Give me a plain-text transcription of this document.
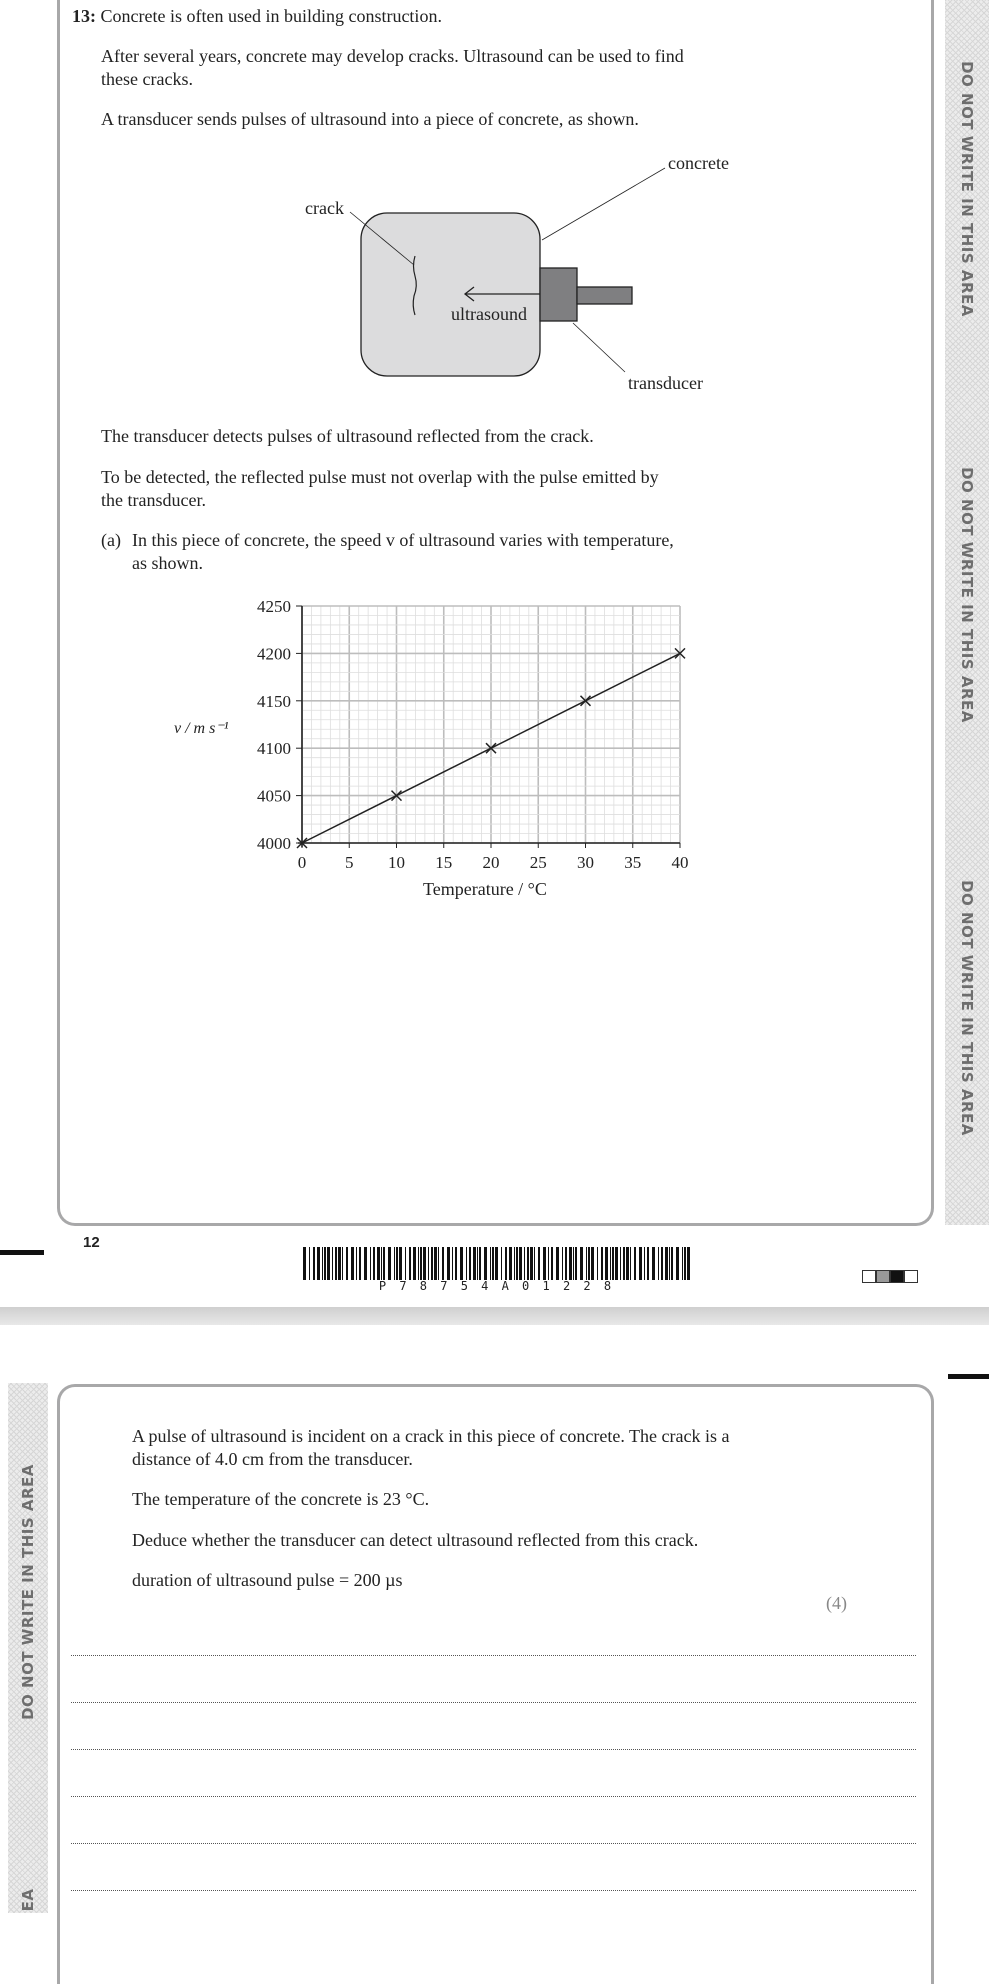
DO NOT WRITE IN THIS AREA
DO NOT WRITE IN THIS AREA
DO NOT WRITE IN THIS AREA
13: Concrete is often used in building construction.
After several years, concrete may develop cracks. Ultrasound can be used to find
these cracks.
A transducer sends pulses of ultrasound into a piece of concrete, as shown.
crack
concrete
ultrasound
transducer
The transducer detects pulses of ultrasound reflected from the crack.
To be detected, the reflected pulse must not overlap with the pulse emitted by
the transducer.
(a) In this piece of concrete, the speed v of ultrasound varies with temperature,
as shown.
0 5 10 15 20 25 30 35 40
4000
4050
4100
4150
4200
4250
v / m s⁻¹
Temperature / °C
12
P 7 8 7 5 4 A 0 1 2 2 8
DO NOT WRITE IN THIS AREA
EA
A pulse of ultrasound is incident on a crack in this piece of concrete. The crack is a
distance of 4.0 cm from the transducer.
The temperature of the concrete is 23 °C.
Deduce whether the transducer can detect ultrasound reflected from this crack.
duration of ultrasound pulse = 200 µs
(4)
